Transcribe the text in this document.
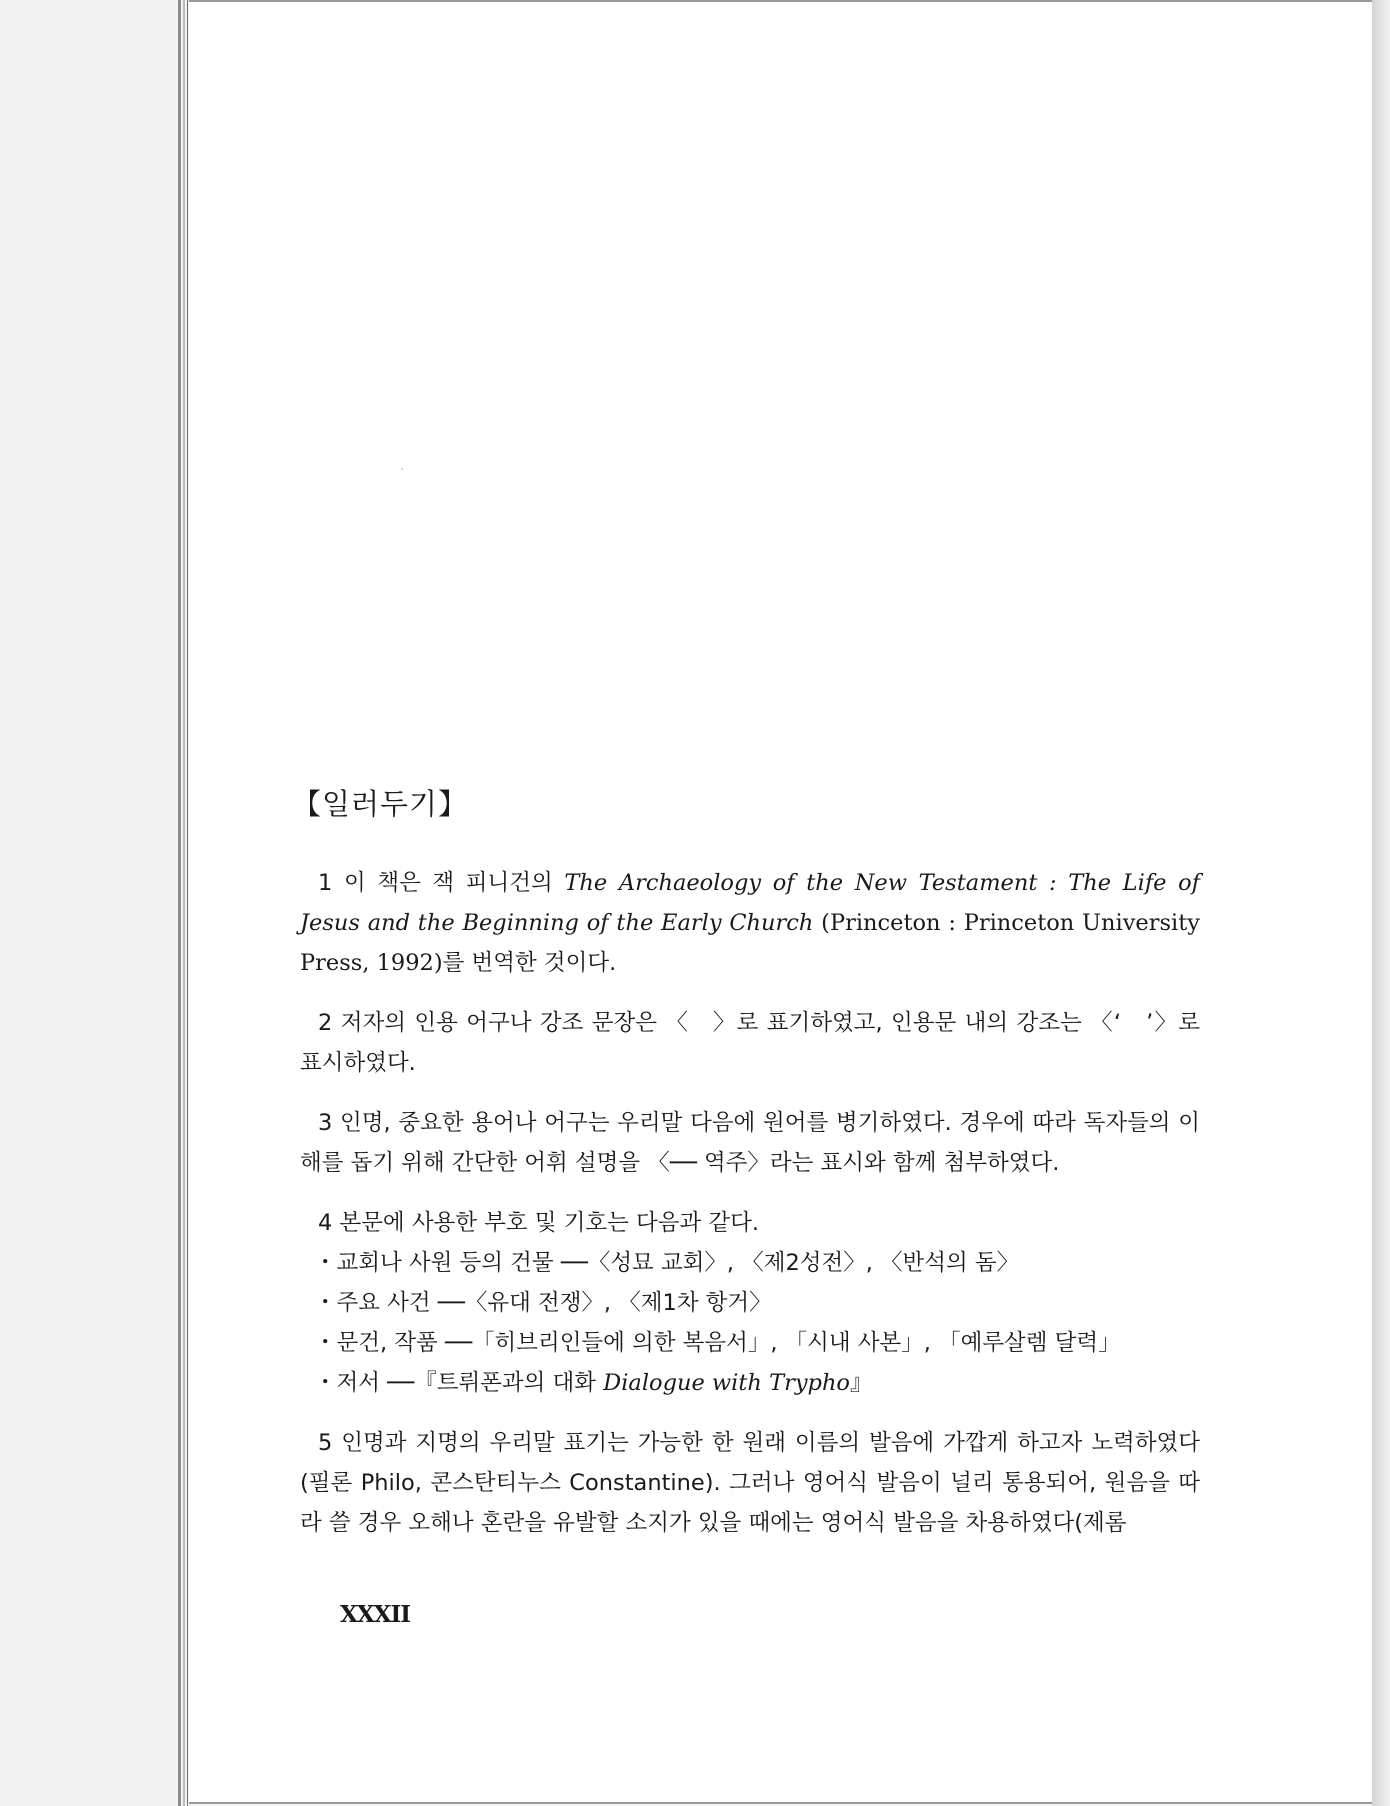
【일러두기】

1 이 책은 잭 피니건의 The Archaeology of the New Testament : The Life of Jesus and the Beginning of the Early Church (Princeton : Princeton University Press, 1992)를 번역한 것이다.

2 저자의 인용 어구나 강조 문장은 〈　〉로 표기하였고, 인용문 내의 강조는 〈‘　’〉로 표시하였다.

3 인명, 중요한 용어나 어구는 우리말 다음에 원어를 병기하였다. 경우에 따라 독자들의 이해를 돕기 위해 간단한 어휘 설명을 〈── 역주〉라는 표시와 함께 첨부하였다.

4 본문에 사용한 부호 및 기호는 다음과 같다.

・교회나 사원 등의 건물 ──〈성묘 교회〉, 〈제2성전〉, 〈반석의 돔〉
・주요 사건 ──〈유대 전쟁〉, 〈제1차 항거〉
・문건, 작품 ──「히브리인들에 의한 복음서」, 「시내 사본」, 「예루살렘 달력」
・저서 ──『트뤼폰과의 대화 Dialogue with Trypho』

5 인명과 지명의 우리말 표기는 가능한 한 원래 이름의 발음에 가깝게 하고자 노력하였다(필론 Philo, 콘스탄티누스 Constantine). 그러나 영어식 발음이 널리 통용되어, 원음을 따라 쓸 경우 오해나 혼란을 유발할 소지가 있을 때에는 영어식 발음을 차용하였다(제롬

XXXII
